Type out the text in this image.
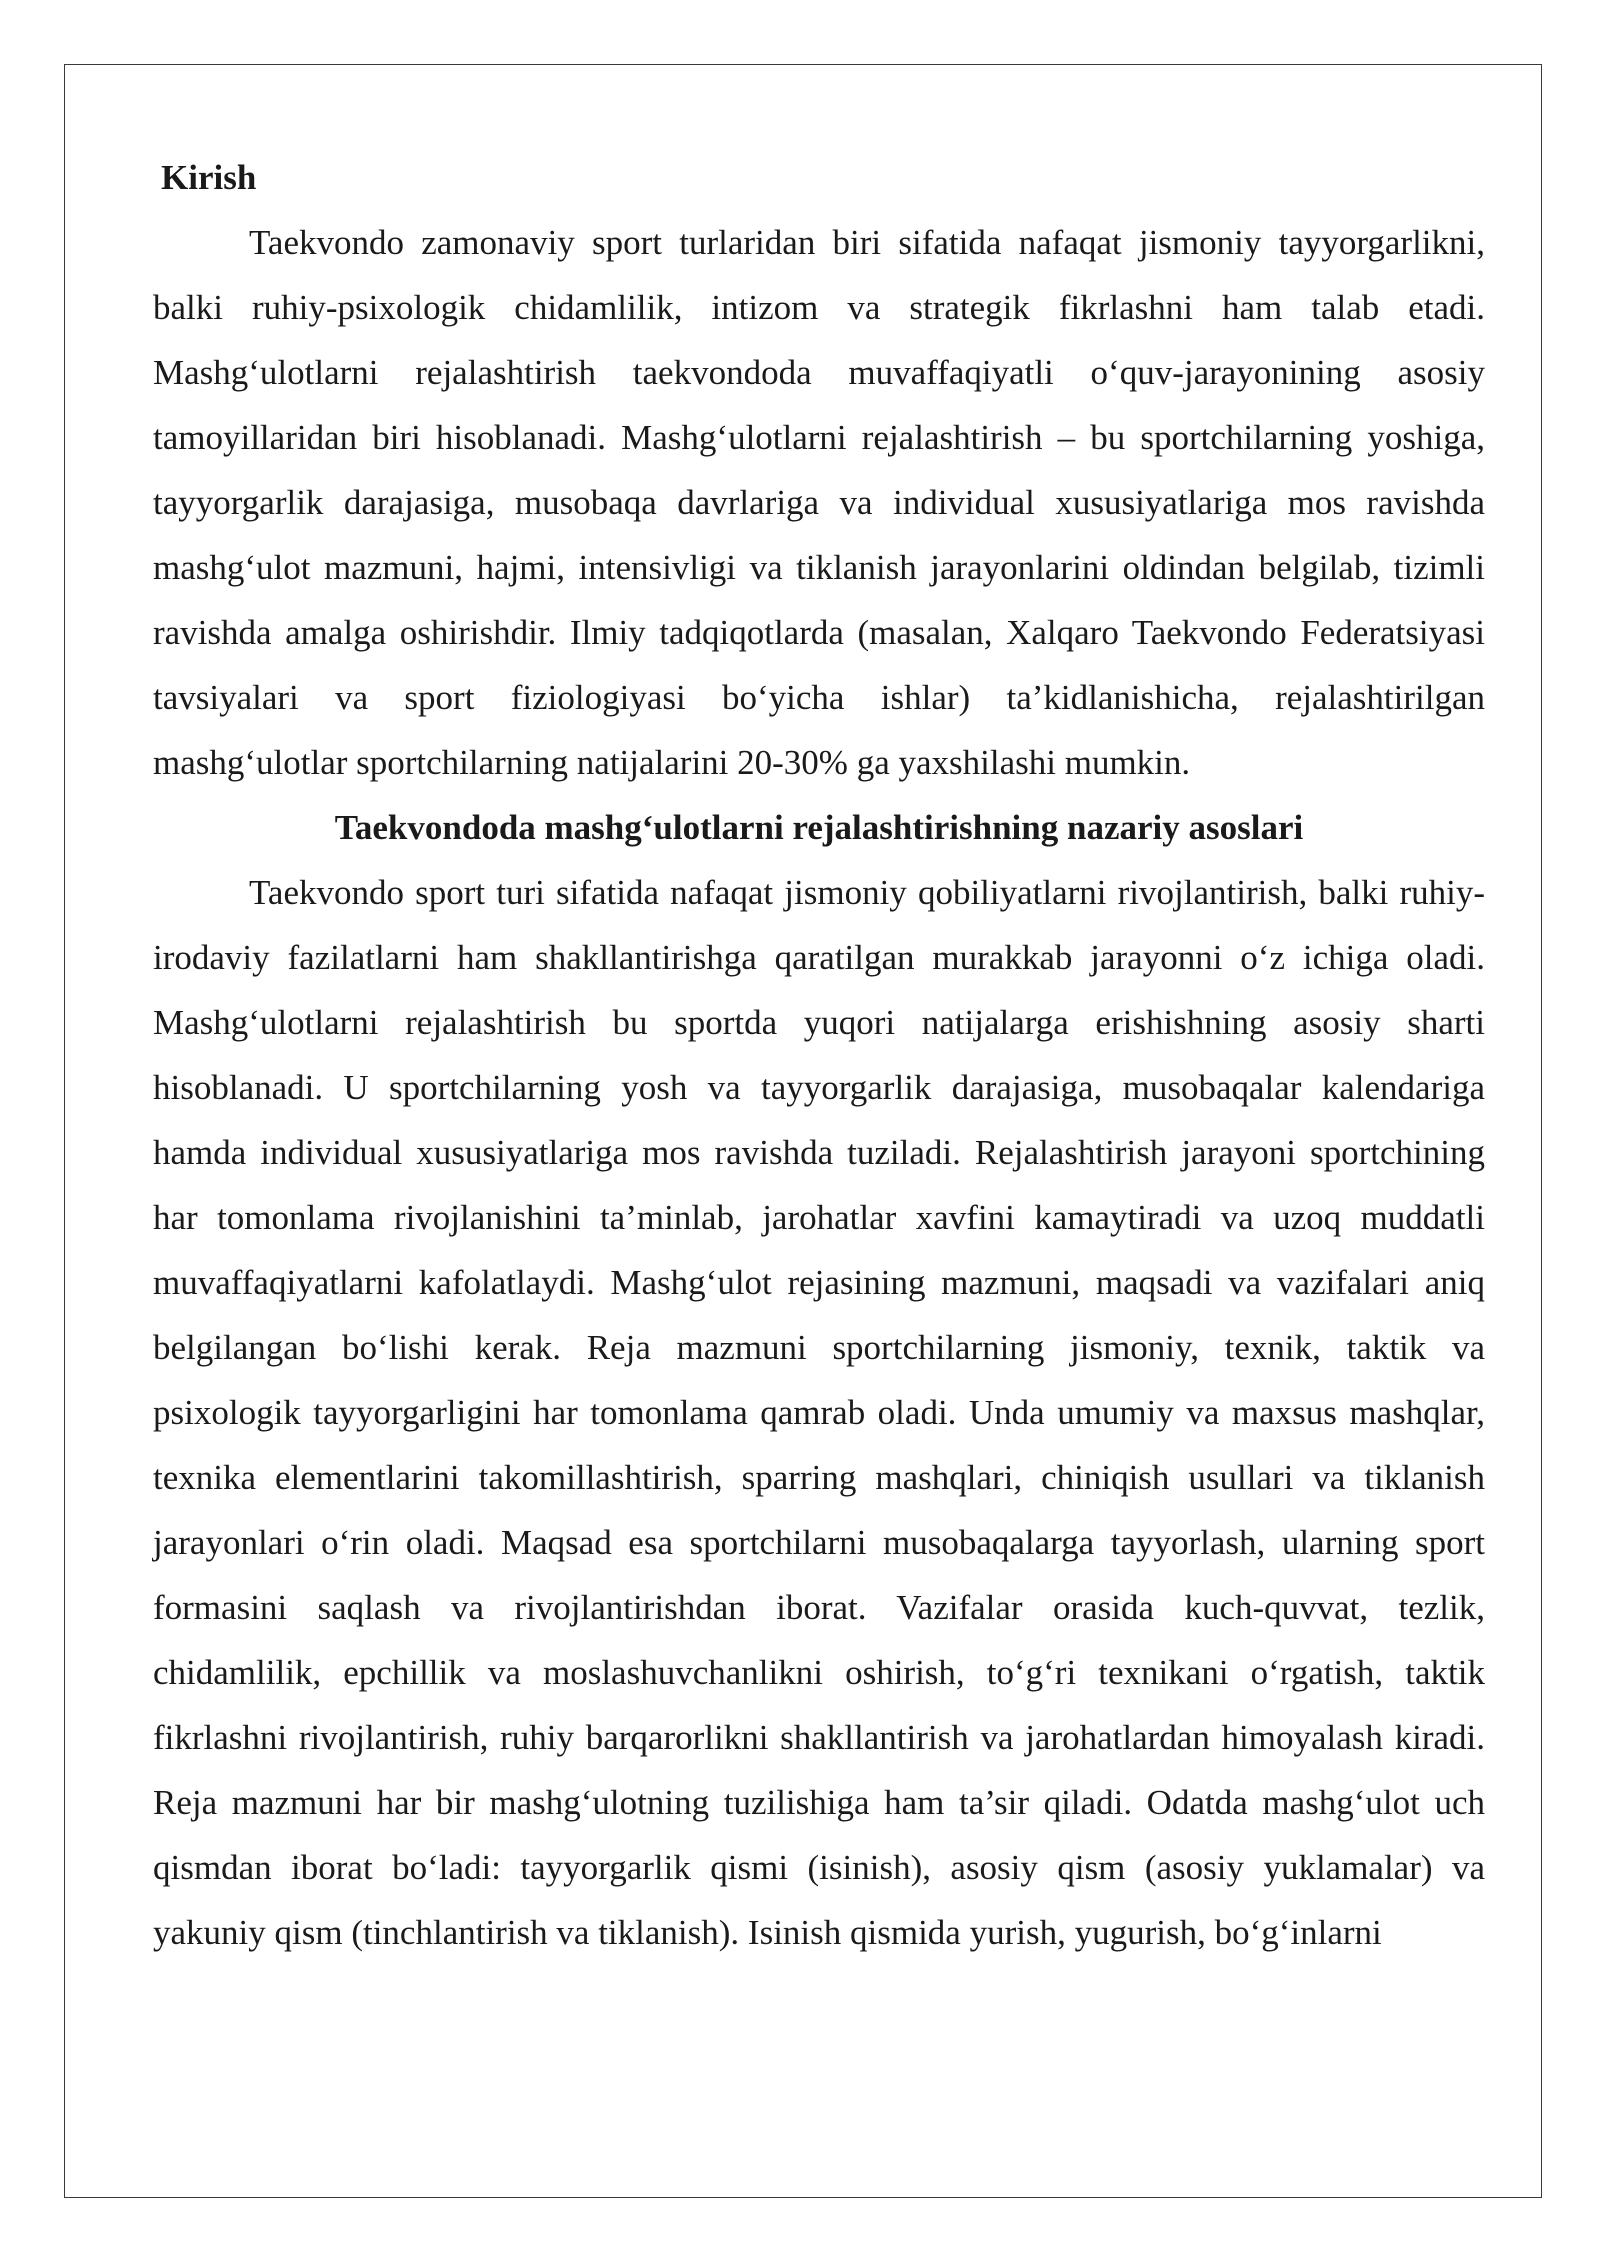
Kirish

Taekvondo zamonaviy sport turlaridan biri sifatida nafaqat jismoniy tayyorgarlikni, balki ruhiy-psixologik chidamlilik, intizom va strategik fikrlashni ham talab etadi. Mashg‘ulotlarni rejalashtirish taekvondoda muvaffaqiyatli o‘quv-jarayonining asosiy tamoyillaridan biri hisoblanadi. Mashg‘ulotlarni rejalashtirish – bu sportchilarning yoshiga, tayyorgarlik darajasiga, musobaqa davrlariga va individual xususiyatlariga mos ravishda mashg‘ulot mazmuni, hajmi, intensivligi va tiklanish jarayonlarini oldindan belgilab, tizimli ravishda amalga oshirishdir. Ilmiy tadqiqotlarda (masalan, Xalqaro Taekvondo Federatsiyasi tavsiyalari va sport fiziologiyasi bo‘yicha ishlar) ta’kidlanishicha, rejalashtirilgan mashg‘ulotlar sportchilarning natijalarini 20-30% ga yaxshilashi mumkin.

Taekvondoda mashg‘ulotlarni rejalashtirishning nazariy asoslari

Taekvondo sport turi sifatida nafaqat jismoniy qobiliyatlarni rivojlantirish, balki ruhiy-irodaviy fazilatlarni ham shakllantirishga qaratilgan murakkab jarayonni o‘z ichiga oladi. Mashg‘ulotlarni rejalashtirish bu sportda yuqori natijalarga erishishning asosiy sharti hisoblanadi. U sportchilarning yosh va tayyorgarlik darajasiga, musobaqalar kalendariga hamda individual xususiyatlariga mos ravishda tuziladi. Rejalashtirish jarayoni sportchining har tomonlama rivojlanishini ta’minlab, jarohatlar xavfini kamaytiradi va uzoq muddatli muvaffaqiyatlarni kafolatlaydi. Mashg‘ulot rejasining mazmuni, maqsadi va vazifalari aniq belgilangan bo‘lishi kerak. Reja mazmuni sportchilarning jismoniy, texnik, taktik va psixologik tayyorgarligini har tomonlama qamrab oladi. Unda umumiy va maxsus mashqlar, texnika elementlarini takomillashtirish, sparring mashqlari, chiniqish usullari va tiklanish jarayonlari o‘rin oladi. Maqsad esa sportchilarni musobaqalarga tayyorlash, ularning sport formasini saqlash va rivojlantirishdan iborat. Vazifalar orasida kuch-quvvat, tezlik, chidamlilik, epchillik va moslashuvchanlikni oshirish, to‘g‘ri texnikani o‘rgatish, taktik fikrlashni rivojlantirish, ruhiy barqarorlikni shakllantirish va jarohatlardan himoyalash kiradi. Reja mazmuni har bir mashg‘ulotning tuzilishiga ham ta’sir qiladi. Odatda mashg‘ulot uch qismdan iborat bo‘ladi: tayyorgarlik qismi (isinish), asosiy qism (asosiy yuklamalar) va yakuniy qism (tinchlantirish va tiklanish). Isinish qismida yurish, yugurish, bo‘g‘inlarni
